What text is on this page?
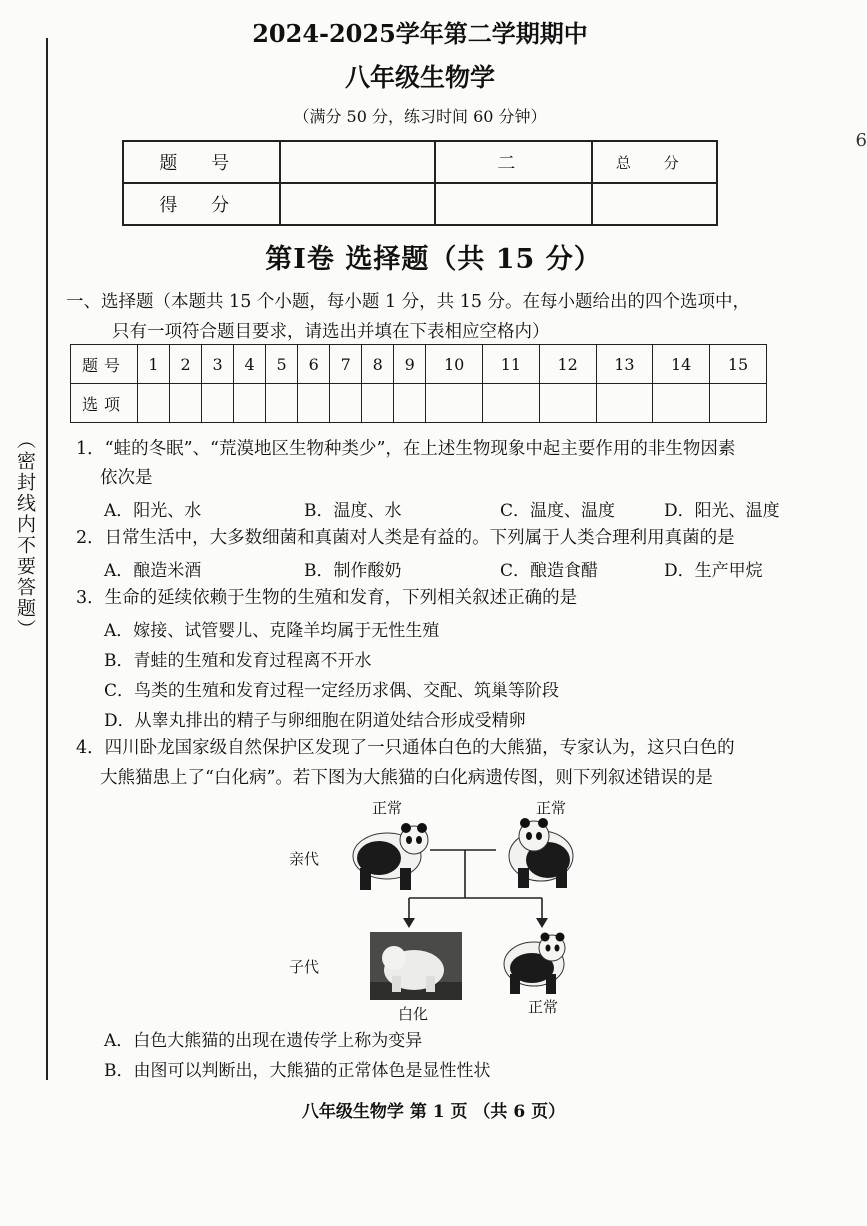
（密封线内不要答题）
6
2024-2025学年第二学期期中
八年级生物学
（满分 50 分，练习时间 60 分钟）
题 号		二	总 分
得 分			
第Ⅰ卷 选择题（共 15 分）
一、选择题（本题共 15 个小题，每小题 1 分，共 15 分。在每小题给出的四个选项中，
只有一项符合题目要求，请选出并填在下表相应空格内）
题号	1	2	3	4	5	6	7	8	9	10	11	12	13	14	15
选项															
1．“蛙的冬眠”、“荒漠地区生物种类少”，在上述生物现象中起主要作用的非生物因素
依次是
A．阳光、水	B．温度、水	C．温度、温度	D．阳光、温度
2．日常生活中，大多数细菌和真菌对人类是有益的。下列属于人类合理利用真菌的是
A．酿造米酒	B．制作酸奶	C．酿造食醋	D．生产甲烷
3．生命的延续依赖于生物的生殖和发育，下列相关叙述正确的是
A．嫁接、试管婴儿、克隆羊均属于无性生殖
B．青蛙的生殖和发育过程离不开水
C．鸟类的生殖和发育过程一定经历求偶、交配、筑巢等阶段
D．从睾丸排出的精子与卵细胞在阴道处结合形成受精卵
4．四川卧龙国家级自然保护区发现了一只通体白色的大熊猫，专家认为，这只白色的
大熊猫患上了“白化病”。若下图为大熊猫的白化病遗传图，则下列叙述错误的是
正常	正常
亲代
子代
白化	正常
A．白色大熊猫的出现在遗传学上称为变异
B．由图可以判断出，大熊猫的正常体色是显性性状
八年级生物学 第 1 页 （共 6 页）
